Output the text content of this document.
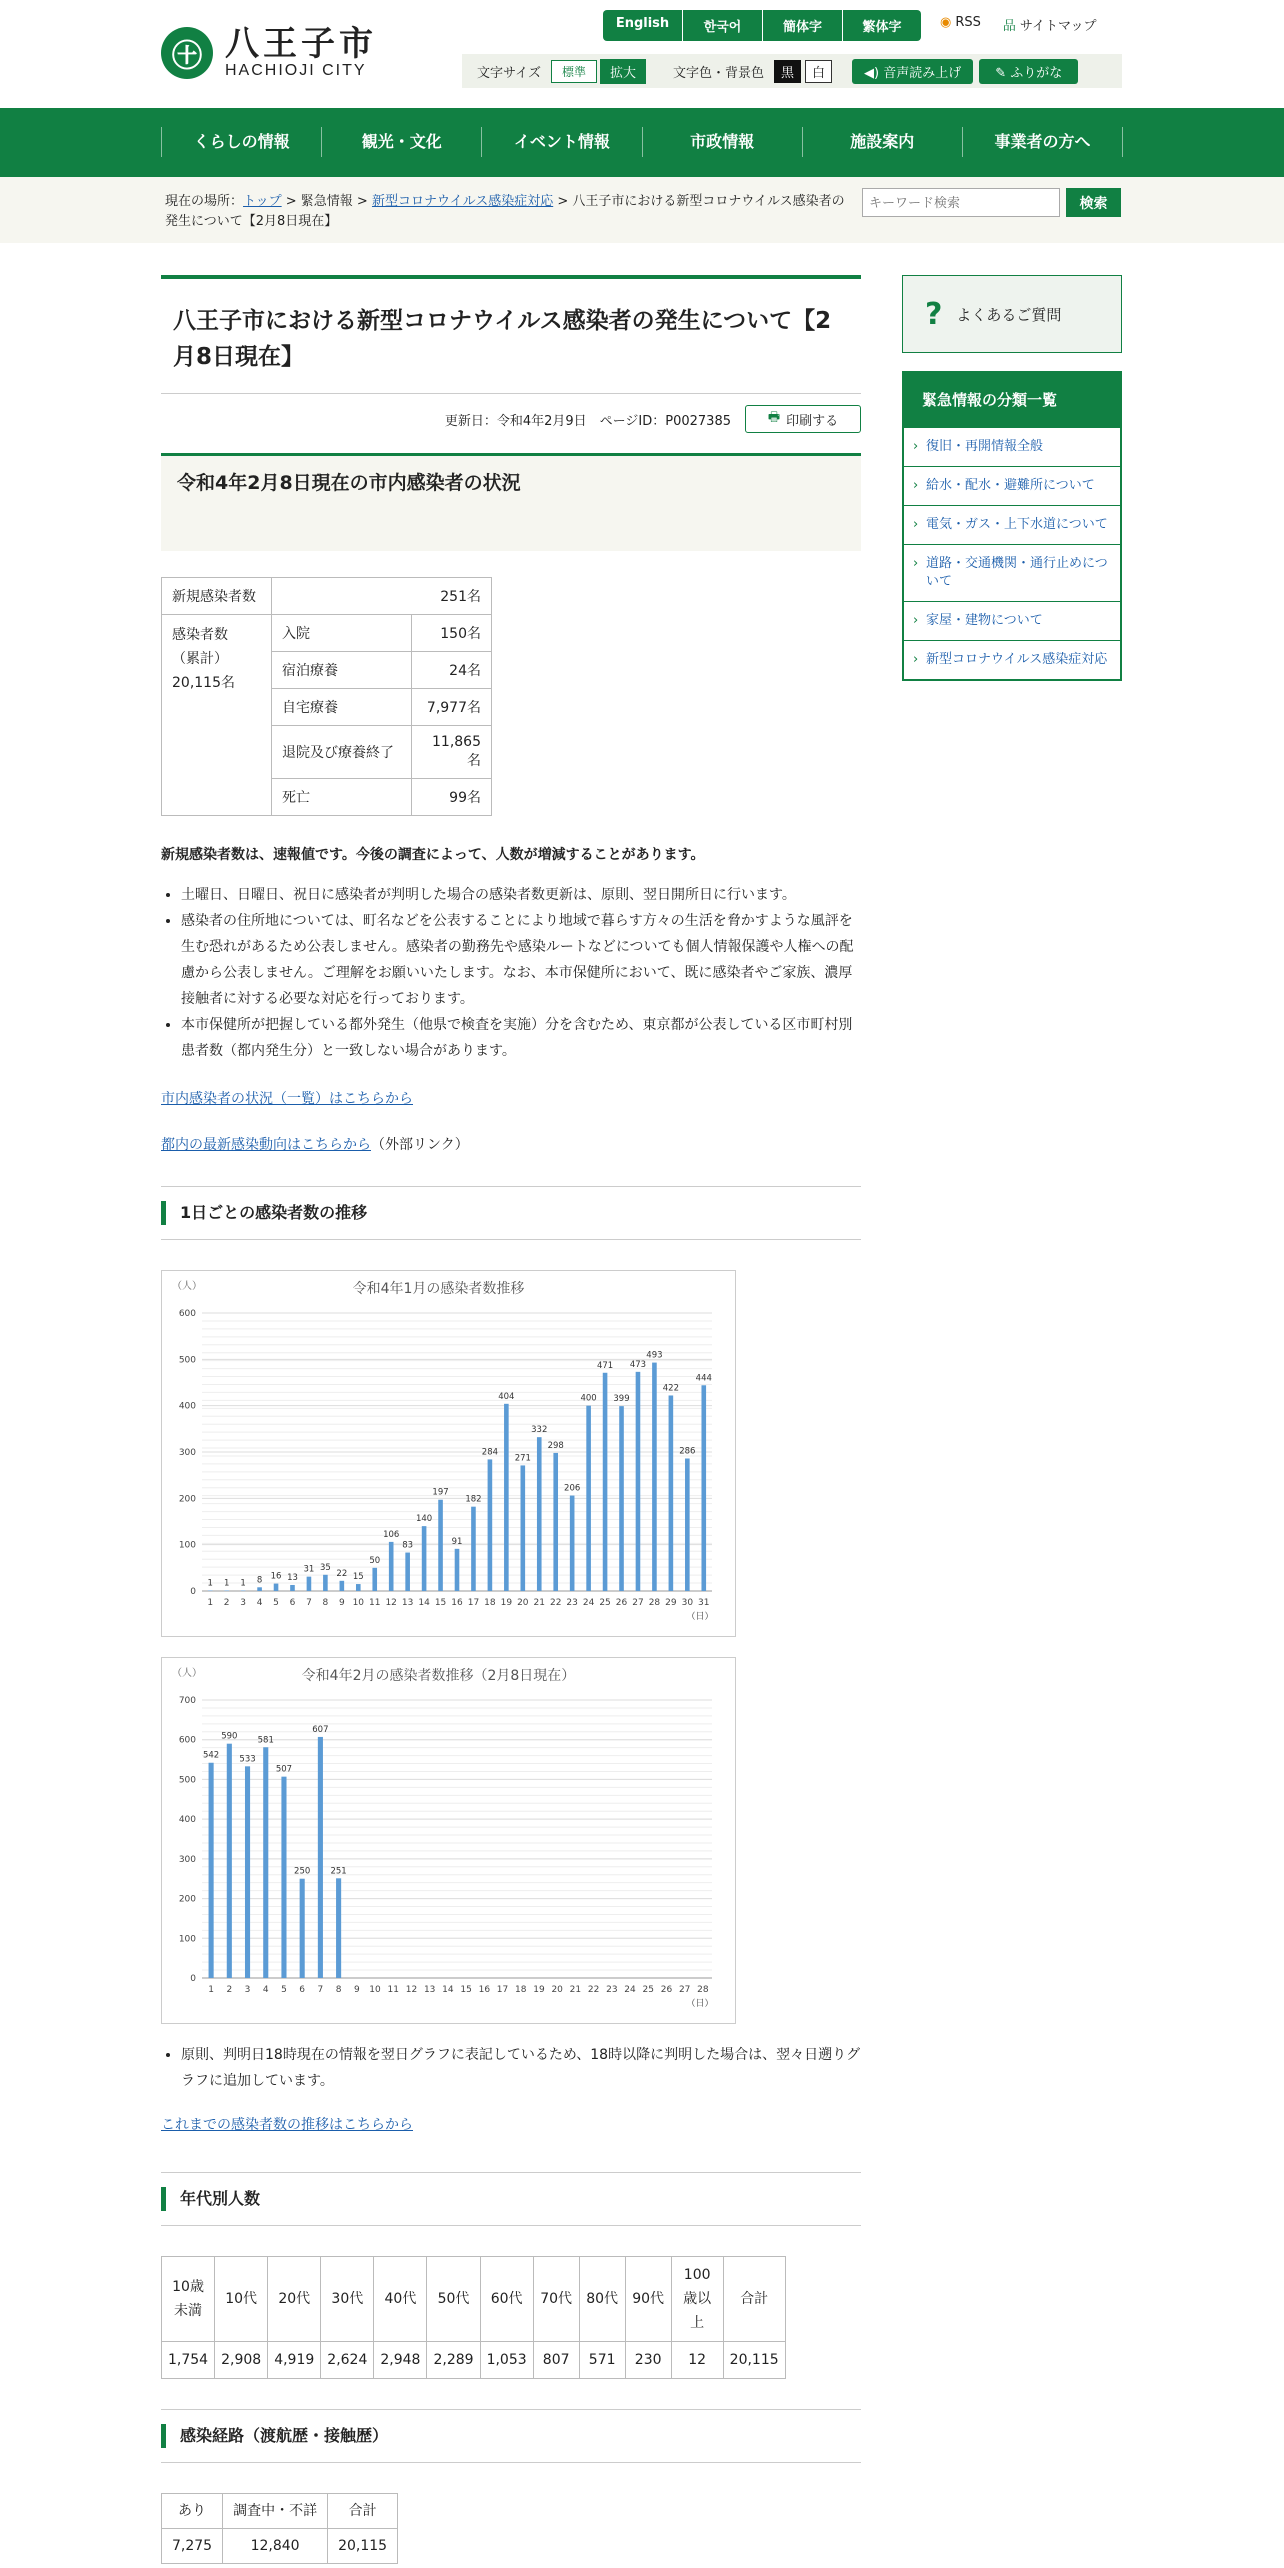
㊉ 八王子市
HACHIOJI CITY
English	한국어	簡体字	繁体字	◉ RSS 品 サイトマップ
文字サイズ	標準	拡大	文字色・背景色	黒	白	◀) 音声読み上げ	✎ ふりがな
くらしの情報	観光・文化	イベント情報	市政情報	施設案内	事業者の方へ
現在の場所：トップ > 緊急情報 > 新型コロナウイルス感染症対応 > 八王子市における新型コロナウイルス感染者の発生について【2月8日現在】
キーワード検索
検索
八王子市における新型コロナウイルス感染者の発生について【2月8日現在】
更新日：令和4年2月9日　ページID：P0027385	🖶 印刷する
令和4年2月8日現在の市内感染者の状況
新規感染者数	251名	

感染者数
（累計）
20,115名	入院	150名
	宿泊療養	24名
	自宅療養	7,977名
	退院及び療養終了	11,865名
	死亡	99名

新規感染者数は、速報値です。今後の調査によって、人数が増減することがあります。

• 土曜日、日曜日、祝日に感染者が判明した場合の感染者数更新は、原則、翌日開所日に行います。
• 感染者の住所地については、町名などを公表することにより地域で暮らす方々の生活を脅かすような風評を生む恐れがあるため公表しません。感染者の勤務先や感染ルートなどについても個人情報保護や人権への配慮から公表しません。ご理解をお願いいたします。なお、本市保健所において、既に感染者やご家族、濃厚接触者に対する必要な対応を行っております。
• 本市保健所が把握している都外発生（他県で検査を実施）分を含むため、東京都が公表している区市町村別患者数（都内発生分）と一致しない場合があります。

市内感染者の状況（一覧）はこちらから

都内の最新感染動向はこちらから（外部リンク）

1日ごとの感染者数の推移
令和4年1月の感染者数推移
（人）
0
100
200
300
400
500
600
1
1
2
1
3
1
4
8
5
16
6
13
7
31
8
35
9
22
10
15
11
50
12
106
13
83
14
140
15
197
16
91
17
182
18
284
19
404
20
271
21
332
22
298
23
206
24
400
25
471
26
399
27
473
28
493
29
422
30
286
31
444
（日）
令和4年2月の感染者数推移（2月8日現在）
（人）
0
100
200
300
400
500
600
700
1
542
2
590
3
533
4
581
5
507
6
250
7
607
8
251
9 10 11 12 13 14 15 16 17 18 19 20 21 22 23 24 25 26 27 28
（日）
• 原則、判明日18時現在の情報を翌日グラフに表記しているため、18時以降に判明した場合は、翌々日遡りグラフに追加しています。

これまでの感染者数の推移はこちらから

年代別人数
10歳未満	10代	20代	30代	40代	50代	60代	70代	80代	90代	100歳以上	合計
1,754	2,908	4,919	2,624	2,948	2,289	1,053	807	571	230	12	20,115
感染経路（渡航歴・接触歴）
あり	調査中・不詳	合計
7,275	12,840	20,115
? よくあるご質問
緊急情報の分類一覧
› 復旧・再開情報全般
› 給水・配水・避難所について
› 電気・ガス・上下水道について
› 道路・交通機関・通行止めについて
› 家屋・建物について
› 新型コロナウイルス感染症対応
